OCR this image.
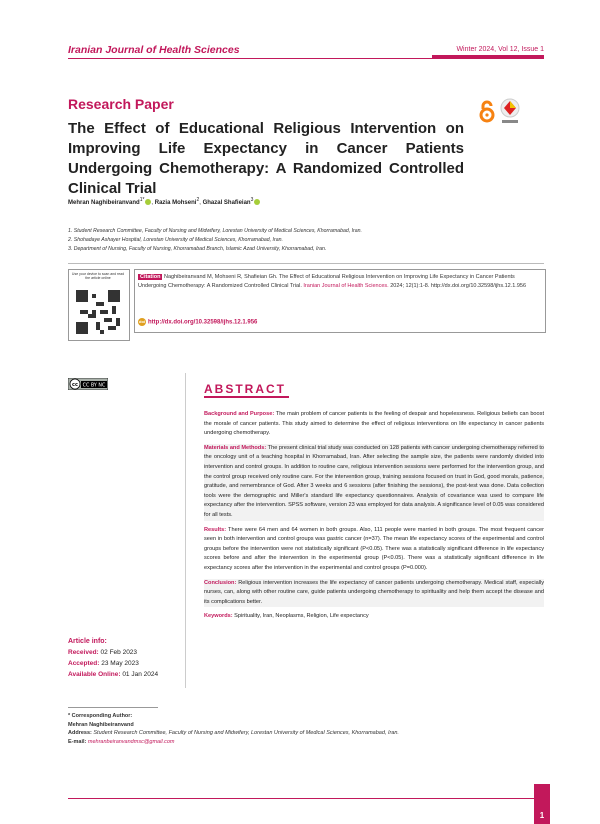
Iranian Journal of Health Sciences	Winter 2024, Vol 12, Issue 1
Research Paper
The Effect of Educational Religious Intervention on Improving Life Expectancy in Cancer Patients Undergoing Chemotherapy: A Randomized Controlled Clinical Trial
Mehran Naghibeiranvand$^{1*}$ , Razia Mohseni$^2$, Ghazal Shafieian$^3$
1. Student Research Committee, Faculty of Nursing and Midwifery, Lorestan University of Medical Sciences, Khorramabad, Iran.
2. Shohadaye Ashayer Hospital, Lorestan University of Medical Sciences, Khorramabad, Iran.
3. Department of Nursing, Faculty of Nursing, Khorramabad Branch, Islamic Azad University, Khorramabad, Iran.
Use your device to scan and read the article online	Citation Naghibeiranvand M, Mohseni R, Shafieian Gh. The Effect of Educational Religious Intervention on Improving Life Expectancy in Cancer Patients Undergoing Chemotherapy: A Randomized Controlled Clinical Trial. Iranian Journal of Health Sciences. 2024; 12(1):1-8. http://dx.doi.org/10.32598/ijhs.12.1.956
doi http://dx.doi.org/10.32598/ijhs.12.1.956
cc CC BY NC	ABSTRACT

Background and Purpose: The main problem of cancer patients is the feeling of despair and hopelessness. Religious beliefs can boost the morale of cancer patients. This study aimed to determine the effect of religious interventions on life expectancy in cancer patients undergoing chemotherapy.

Materials and Methods: The present clinical trial study was conducted on 128 patients with cancer undergoing chemotherapy referred to the oncology unit of a teaching hospital in Khorramabad, Iran. After selecting the sample size, the patients were randomly divided into intervention and control groups. In addition to routine care, religious intervention sessions were performed for the intervention group, and the control group received only routine care. For the intervention group, training sessions focused on trust in God, good morals, patience, gratitude, and remembrance of God. After 3 weeks and 6 sessions (after finishing the sessions), the post-test was done. Data collection tools were the demographic and Miller's standard life expectancy questionnaires. Analysis of covariance was used to compare life expectancy after the intervention. SPSS software, version 23 was employed for data analysis. A significance level of 0.05 was considered for all tests.

Results: There were 64 men and 64 women in both groups. Also, 111 people were married in both groups. The most frequent cancer seen in both intervention and control groups was gastric cancer (n=37). The mean life expectancy scores of the experimental and control groups before the intervention were not statistically significant (P<0.05). There was a statistically significant difference in life expectancy scores before and after the intervention in the experimental group (P<0.05). There was a statistically significant difference in life expectancy scores after the intervention in the experimental and control groups (P=0.000).

Conclusion: Religious intervention increases the life expectancy of cancer patients undergoing chemotherapy. Medical staff, especially nurses, can, along with other routine care, guide patients undergoing chemotherapy to spirituality and help them accept the disease and its complications better.

Keywords: Spirituality, Iran, Neoplasms, Religion, Life expectancy

Article info:
Received: 02 Feb 2023
Accepted: 23 May 2023
Available Online: 01 Jan 2024
* Corresponding Author:
Mehran Naghibeiranvand
Address: Student Research Committee, Faculty of Nursing and Midwifery, Lorestan University of Medical Sciences, Khorramabad, Iran.
E-mail: mehranbeiranvandmsc@gmail.com
1
